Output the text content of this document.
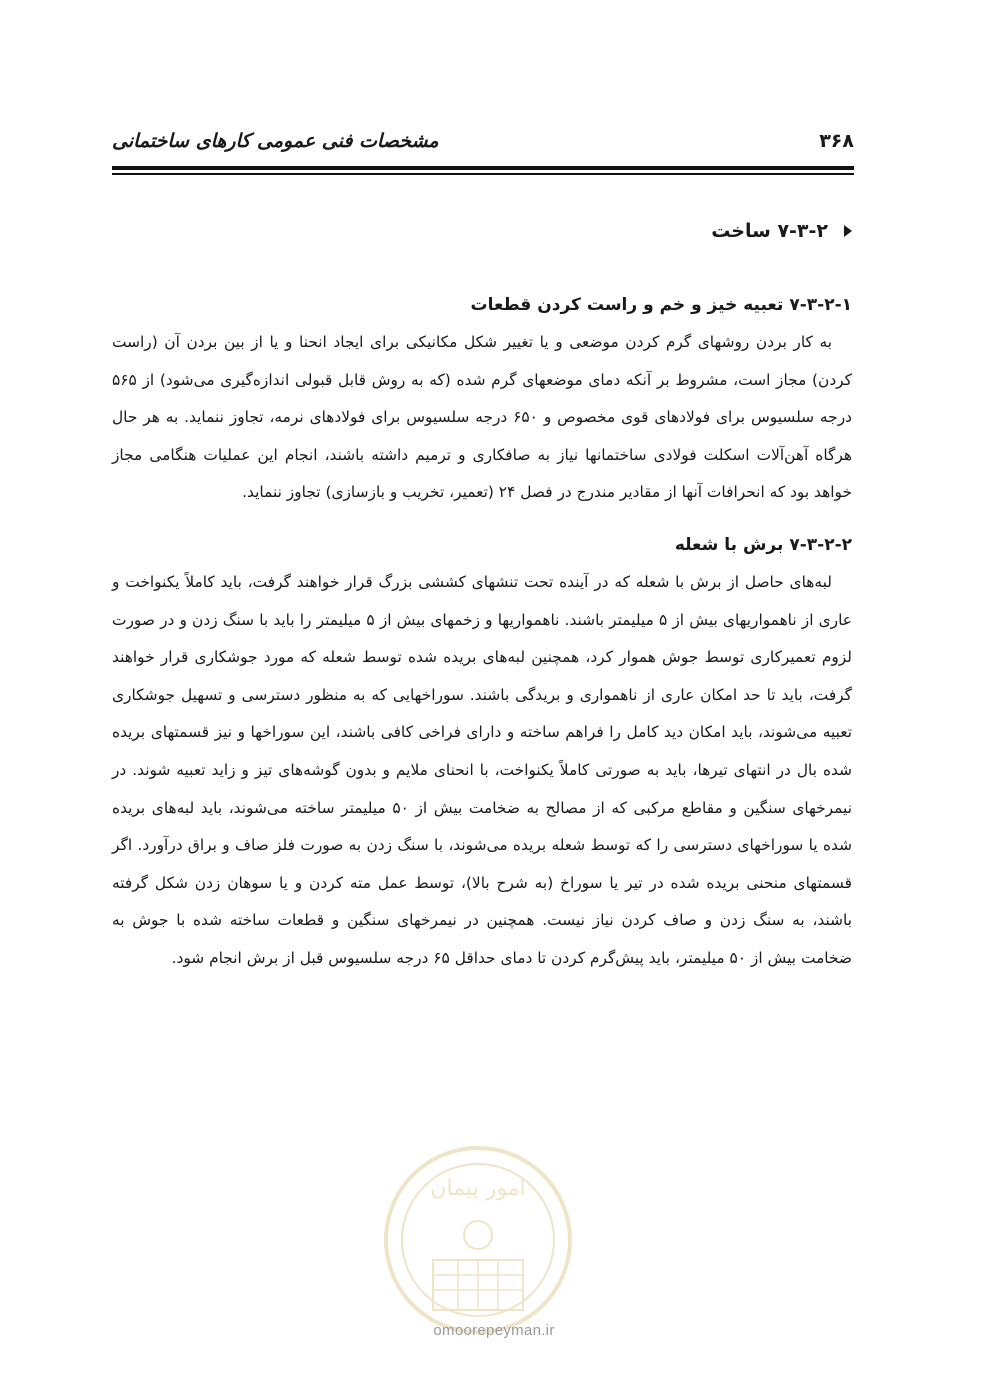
۳۶۸
مشخصات فنی عمومی کارهای ساختمانی
۷-۳-۲ ساخت
۷-۳-۲-۱ تعبیه خیز و خم و راست کردن قطعات

به کار بردن روشهای گرم کردن موضعی و یا تغییر شکل مکانیکی برای ایجاد انحنا و یا از بین بردن آن (راست کردن) مجاز است، مشروط بر آنکه دمای موضعهای گرم شده (که به روش قابل قبولی اندازه‌گیری می‌شود) از ۵۶۵ درجه سلسیوس برای فولادهای قوی مخصوص و ۶۵۰ درجه سلسیوس برای فولادهای نرمه، تجاوز ننماید. به هر حال هرگاه آهن‌آلات اسکلت فولادی ساختمانها نیاز به صافکاری و ترمیم داشته باشند، انجام این عملیات هنگامی مجاز خواهد بود که انحرافات آنها از مقادیر مندرج در فصل ۲۴ (تعمیر، تخریب و بازسازی) تجاوز ننماید.

۷-۳-۲-۲ برش با شعله

لبه‌های حاصل از برش با شعله که در آینده تحت تنشهای کششی بزرگ قرار خواهند گرفت، باید کاملاً یکنواخت و عاری از ناهمواریهای بیش از ۵ میلیمتر باشند. ناهمواریها و زخمهای بیش از ۵ میلیمتر را باید با سنگ زدن و در صورت لزوم تعمیرکاری توسط جوش هموار کرد، همچنین لبه‌های بریده شده توسط شعله که مورد جوشکاری قرار خواهند گرفت، باید تا حد امکان عاری از ناهمواری و بریدگی باشند. سوراخهایی که به منظور دسترسی و تسهیل جوشکاری تعبیه می‌شوند، باید امکان دید کامل را فراهم ساخته و دارای فراخی کافی باشند، این سوراخها و نیز قسمتهای بریده شده بال در انتهای تیرها، باید به صورتی کاملاً یکنواخت، با انحنای ملایم و بدون گوشه‌های تیز و زاید تعبیه شوند. در نیمرخهای سنگین و مقاطع مرکبی که از مصالح به ضخامت بیش از ۵۰ میلیمتر ساخته می‌شوند، باید لبه‌های بریده شده یا سوراخهای دسترسی را که توسط شعله بریده می‌شوند، با سنگ زدن به صورت فلز صاف و براق درآورد. اگر قسمتهای منحنی بریده شده در تیر یا سوراخ (به شرح بالا)، توسط عمل مته کردن و یا سوهان زدن شکل گرفته باشند، به سنگ زدن و صاف کردن نیاز نیست. همچنین در نیمرخهای سنگین و قطعات ساخته شده با جوش به ضخامت بیش از ۵۰ میلیمتر، باید پیش‌گرم کردن تا دمای حداقل ۶۵ درجه سلسیوس قبل از برش انجام شود.

امور پیمان
omoorepeyman.ir
